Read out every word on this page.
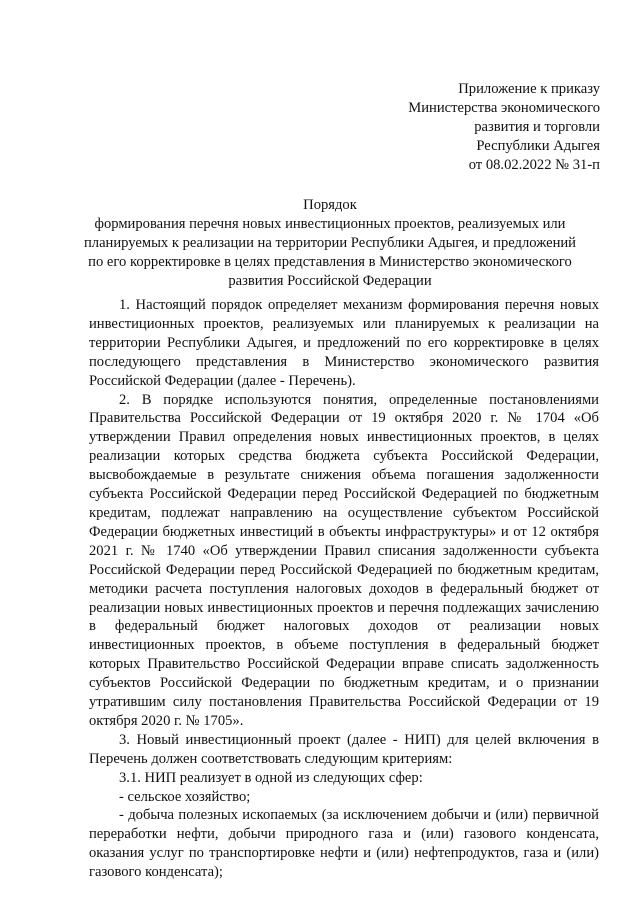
Приложение к приказу
Министерства экономического
развития и торговли
Республики Адыгея
от 08.02.2022 № 31-п
Порядок
формирования перечня новых инвестиционных проектов, реализуемых или
планируемых к реализации на территории Республики Адыгея, и предложений
по его корректировке в целях представления в Министерство экономического
развития Российской Федерации

1. Настоящий порядок определяет механизм формирования перечня новых инвестиционных проектов, реализуемых или планируемых к реализации на территории Республики Адыгея, и предложений по его корректировке в целях последующего представления в Министерство экономического развития Российской Федерации (далее - Перечень).

2. В порядке используются понятия, определенные постановлениями Правительства Российской Федерации от 19 октября 2020 г. № 1704 «Об утверждении Правил определения новых инвестиционных проектов, в целях реализации которых средства бюджета субъекта Российской Федерации, высвобождаемые в результате снижения объема погашения задолженности субъекта Российской Федерации перед Российской Федерацией по бюджетным кредитам, подлежат направлению на осуществление субъектом Российской Федерации бюджетных инвестиций в объекты инфраструктуры» и от 12 октября 2021 г. № 1740 «Об утверждении Правил списания задолженности субъекта Российской Федерации перед Российской Федерацией по бюджетным кредитам, методики расчета поступления налоговых доходов в федеральный бюджет от реализации новых инвестиционных проектов и перечня подлежащих зачислению в федеральный бюджет налоговых доходов от реализации новых инвестиционных проектов, в объеме поступления в федеральный бюджет которых Правительство Российской Федерации вправе списать задолженность субъектов Российской Федерации по бюджетным кредитам, и о признании утратившим силу постановления Правительства Российской Федерации от 19 октября 2020 г. № 1705».

3. Новый инвестиционный проект (далее - НИП) для целей включения в Перечень должен соответствовать следующим критериям:

3.1. НИП реализует в одной из следующих сфер:

- сельское хозяйство;

- добыча полезных ископаемых (за исключением добычи и (или) первичной переработки нефти, добычи природного газа и (или) газового конденсата, оказания услуг по транспортировке нефти и (или) нефтепродуктов, газа и (или) газового конденсата);
